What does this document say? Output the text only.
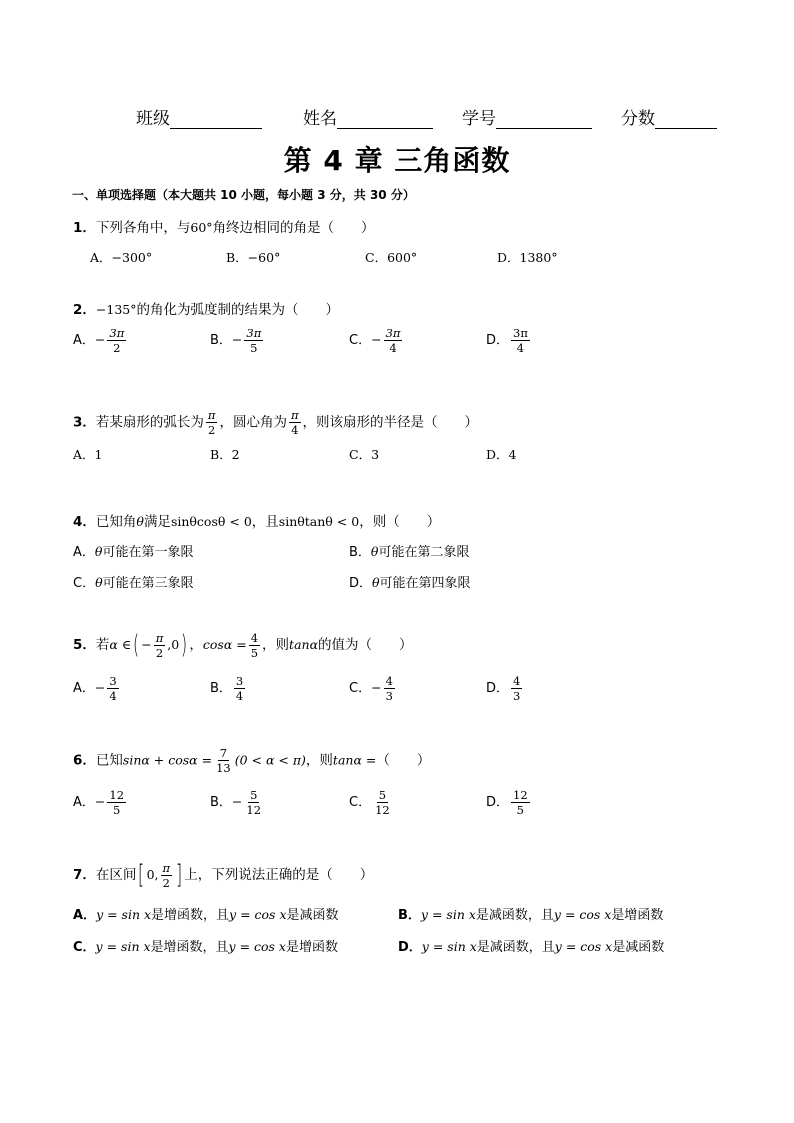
班级	姓名	学号	分数
第 4 章 三角函数
一、单项选择题（本大题共 10 小题，每小题 3 分，共 30 分）
1．下列各角中，与60°角终边相同的角是（　　）
A．−300°	B．−60°	C．600°	D．1380°
2．−135°的角化为弧度制的结果为（　　）
A．− $\frac{3\pi}{2}$	B．− $\frac{3\pi}{5}$	C．− $\frac{3\pi}{4}$	D． $\frac{3\pi}{4}$
3．若某扇形的弧长为 $\frac{\pi}{2}$ ，圆心角为 $\frac{\pi}{4}$ ，则该扇形的半径是（　　）
A．1	B．2	C．3	D．4
4．已知角θ满足sinθcosθ < 0，且sinθtanθ < 0，则（　　）
A．θ可能在第一象限	B．θ可能在第二象限
C．θ可能在第三象限	D．θ可能在第四象限
5．若α ∈( − $\frac{\pi}{2} ,0$) ，$\cos\alpha = \frac{4}{5}$ ，则tanα的值为（　　）
A．− $\frac{3}{4}$	B． $\frac{3}{4}$	C．− $\frac{4}{3}$	D． $\frac{4}{3}$
6．已知$\sin\alpha + \cos\alpha = \frac{7}{13} (0 < \alpha < \pi)$，则tanα =（　　）
A．− $\frac{12}{5}$	B．− $\frac{5}{12}$	C． $\frac{5}{12}$	D． $\frac{12}{5}$
7．在区间[ 0, $\frac{\pi}{2}$ ] 上，下列说法正确的是（　　）
A．y = sin x是增函数，且y = cos x是减函数	B．y = sin x是减函数，且y = cos x是增函数
C．y = sin x是增函数，且y = cos x是增函数	D．y = sin x是减函数，且y = cos x是减函数
